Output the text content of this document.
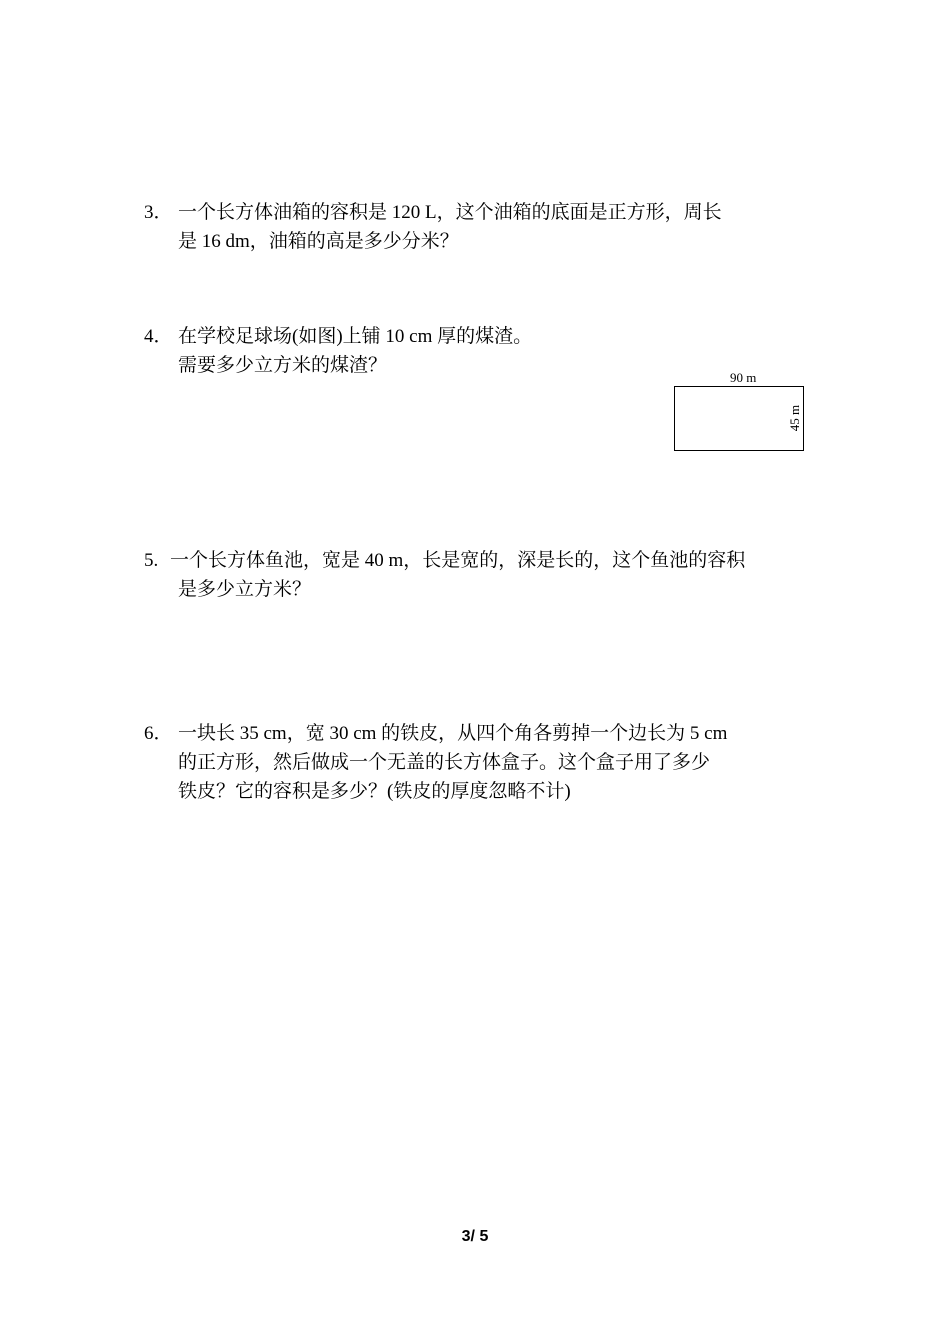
3． 一个长方体油箱的容积是 120 L，这个油箱的底面是正方形，周长
是 16 dm，油箱的高是多少分米？
4． 在学校足球场(如图)上铺 10 cm 厚的煤渣。
需要多少立方米的煤渣？
90 m
45 m
5. 一个长方体鱼池，宽是 40 m，长是宽的，深是长的，这个鱼池的容积
是多少立方米？
6． 一块长 35 cm，宽 30 cm 的铁皮，从四个角各剪掉一个边长为 5 cm
的正方形，然后做成一个无盖的长方体盒子。这个盒子用了多少
铁皮？它的容积是多少？(铁皮的厚度忽略不计)
3/ 5
